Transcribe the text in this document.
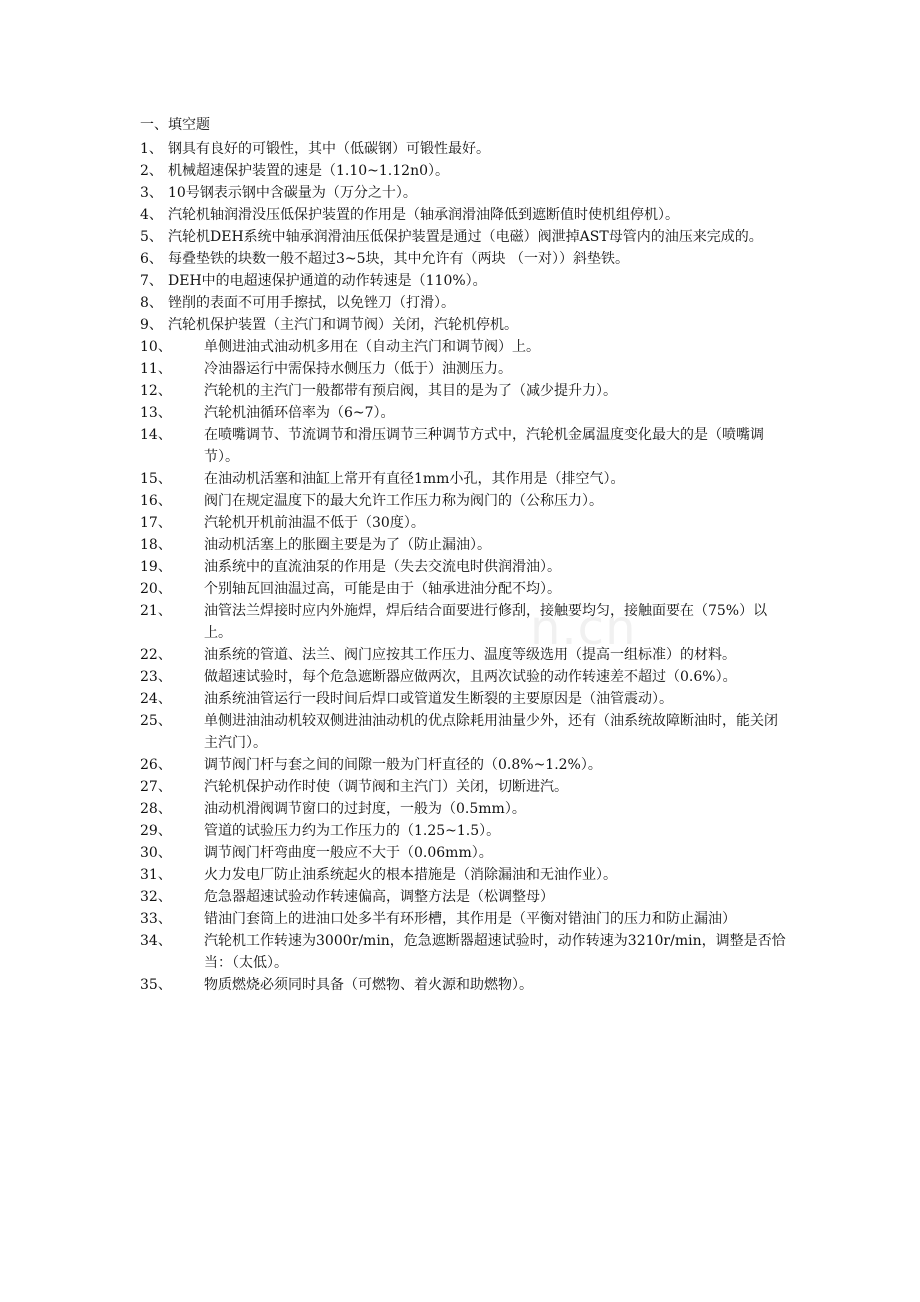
n.cn
一、填空题
1、 钢具有良好的可锻性，其中（低碳钢）可锻性最好。
2、 机械超速保护装置的速是（1.10~1.12n0）。
3、 10号钢表示钢中含碳量为（万分之十）。
4、 汽轮机轴润滑没压低保护装置的作用是（轴承润滑油降低到遮断值时使机组停机）。
5、 汽轮机DEH系统中轴承润滑油压低保护装置是通过（电磁）阀泄掉AST母管内的油压来完成的。
6、 每叠垫铁的块数一般不超过3~5块，其中允许有（两块 （一对））斜垫铁。
7、 DEH中的电超速保护通道的动作转速是（110%）。
8、 锉削的表面不可用手擦拭，以免锉刀（打滑）。
9、 汽轮机保护装置（主汽门和调节阀）关闭，汽轮机停机。
10、	单侧进油式油动机多用在（自动主汽门和调节阀）上。
11、	冷油器运行中需保持水侧压力（低于）油测压力。
12、	汽轮机的主汽门一般都带有预启阀，其目的是为了（减少提升力）。
13、	汽轮机油循环倍率为（6~7）。
14、	在喷嘴调节、节流调节和滑压调节三种调节方式中，汽轮机金属温度变化最大的是（喷嘴调节）。
15、	在油动机活塞和油缸上常开有直径1mm小孔，其作用是（排空气）。
16、	阀门在规定温度下的最大允许工作压力称为阀门的（公称压力）。
17、	汽轮机开机前油温不低于（30度）。
18、	油动机活塞上的胀圈主要是为了（防止漏油）。
19、	油系统中的直流油泵的作用是（失去交流电时供润滑油）。
20、	个别轴瓦回油温过高，可能是由于（轴承进油分配不均）。
21、	油管法兰焊接时应内外施焊，焊后结合面要进行修刮，接触要均匀，接触面要在（75%）以上。
22、	油系统的管道、法兰、阀门应按其工作压力、温度等级选用（提高一组标准）的材料。
23、	做超速试验时，每个危急遮断器应做两次，且两次试验的动作转速差不超过（0.6%）。
24、	油系统油管运行一段时间后焊口或管道发生断裂的主要原因是（油管震动）。
25、	单侧进油油动机较双侧进油油动机的优点除耗用油量少外，还有（油系统故障断油时，能关闭主汽门）。
26、	调节阀门杆与套之间的间隙一般为门杆直径的（0.8%~1.2%）。
27、	汽轮机保护动作时使（调节阀和主汽门）关闭，切断进汽。
28、	油动机滑阀调节窗口的过封度，一般为（0.5mm）。
29、	管道的试验压力约为工作压力的（1.25~1.5）。
30、	调节阀门杆弯曲度一般应不大于（0.06mm）。
31、	火力发电厂防止油系统起火的根本措施是（消除漏油和无油作业）。
32、	危急器超速试验动作转速偏高，调整方法是（松调整母）
33、	错油门套筒上的进油口处多半有环形槽，其作用是（平衡对错油门的压力和防止漏油）
34、	汽轮机工作转速为3000r/min，危急遮断器超速试验时，动作转速为3210r/min，调整是否恰当：（太低）。
35、	物质燃烧必须同时具备（可燃物、着火源和助燃物）。
